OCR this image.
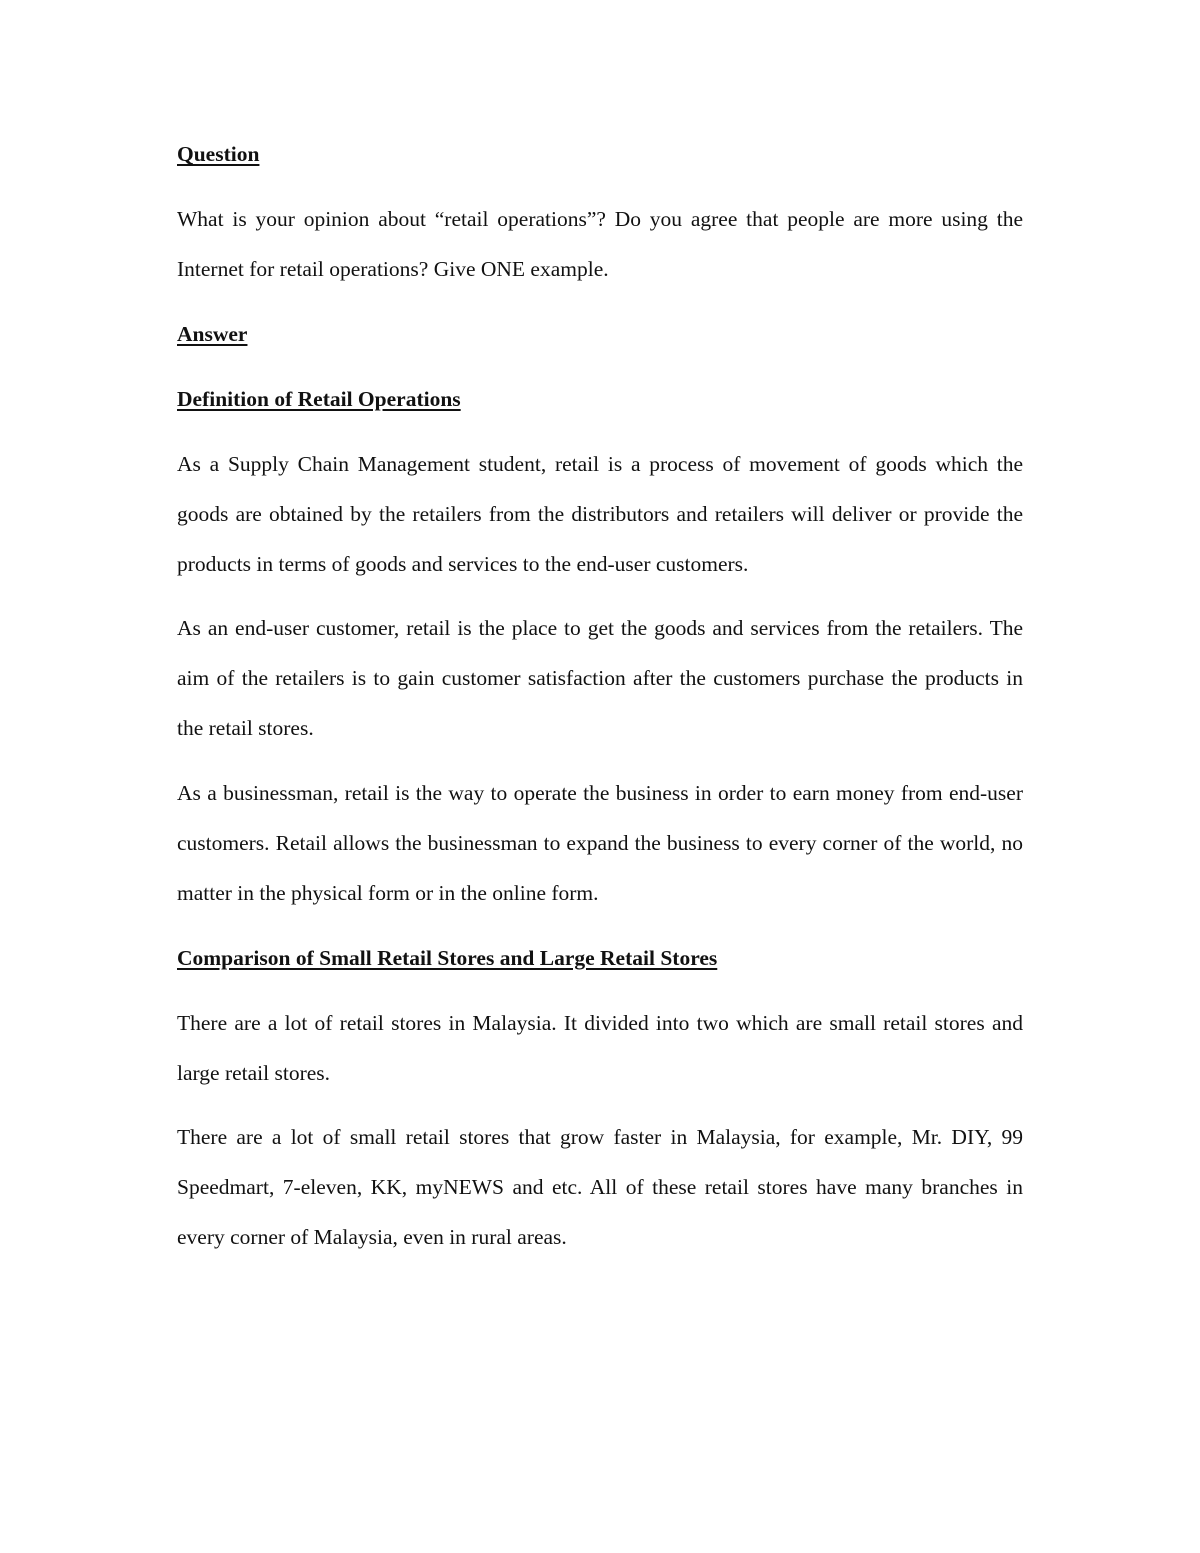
Question

What is your opinion about “retail operations”? Do you agree that people are more using the Internet for retail operations? Give ONE example.

Answer

Definition of Retail Operations

As a Supply Chain Management student, retail is a process of movement of goods which the goods are obtained by the retailers from the distributors and retailers will deliver or provide the products in terms of goods and services to the end-user customers.

As an end-user customer, retail is the place to get the goods and services from the retailers. The aim of the retailers is to gain customer satisfaction after the customers purchase the products in the retail stores.

As a businessman, retail is the way to operate the business in order to earn money from end-user customers. Retail allows the businessman to expand the business to every corner of the world, no matter in the physical form or in the online form.

Comparison of Small Retail Stores and Large Retail Stores

There are a lot of retail stores in Malaysia. It divided into two which are small retail stores and large retail stores.

There are a lot of small retail stores that grow faster in Malaysia, for example, Mr. DIY, 99 Speedmart, 7-eleven, KK, myNEWS and etc. All of these retail stores have many branches in every corner of Malaysia, even in rural areas.
